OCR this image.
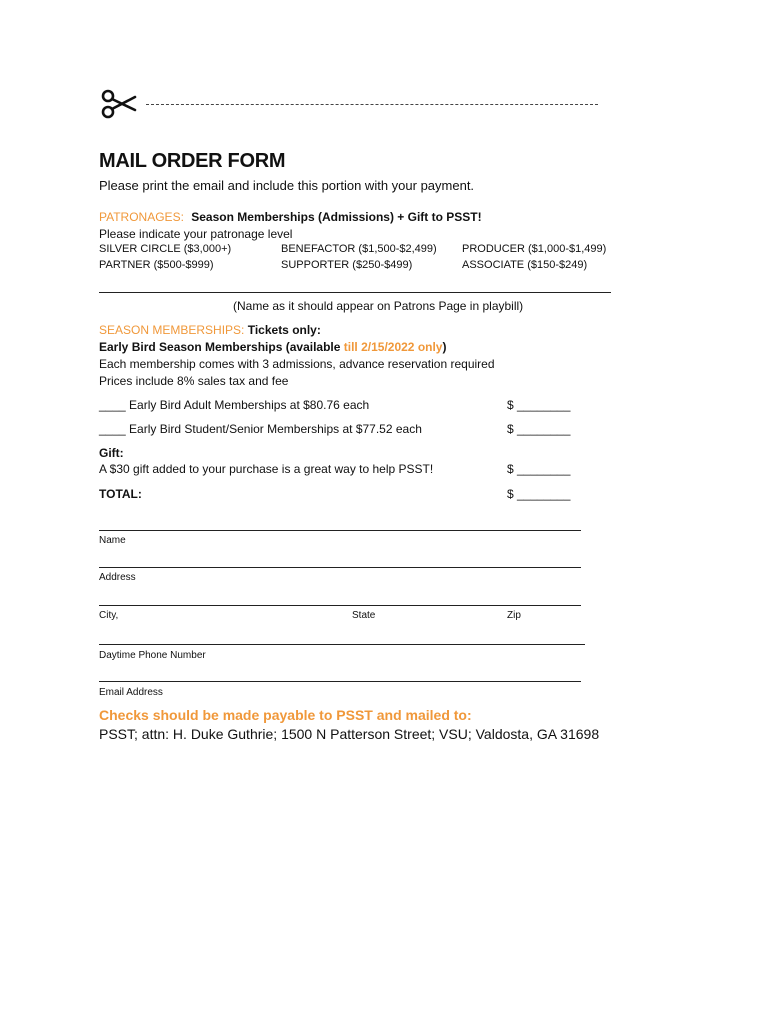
MAIL ORDER FORM
Please print the email and include this portion with your payment.
PATRONAGES: Season Memberships (Admissions) + Gift to PSST!
Please indicate your patronage level
SILVER CIRCLE ($3,000+)	BENEFACTOR ($1,500-$2,499) PRODUCER ($1,000-$1,499)
PARTNER ($500-$999)	SUPPORTER ($250-$499)	ASSOCIATE ($150-$249)
(Name as it should appear on Patrons Page in playbill)
SEASON MEMBERSHIPS: Tickets only:
Early Bird Season Memberships (available till 2/15/2022 only)
Each membership comes with 3 admissions, advance reservation required
Prices include 8% sales tax and fee
____ Early Bird Adult Memberships at $80.76 each	$ ________
____ Early Bird Student/Senior Memberships at $77.52 each	$ ________
Gift:
A $30 gift added to your purchase is a great way to help PSST!	$ ________
TOTAL:	$ ________
Name
Address
City,	State	Zip
Daytime Phone Number
Email Address
Checks should be made payable to PSST and mailed to:
PSST; attn: H. Duke Guthrie; 1500 N Patterson Street; VSU; Valdosta, GA 31698
